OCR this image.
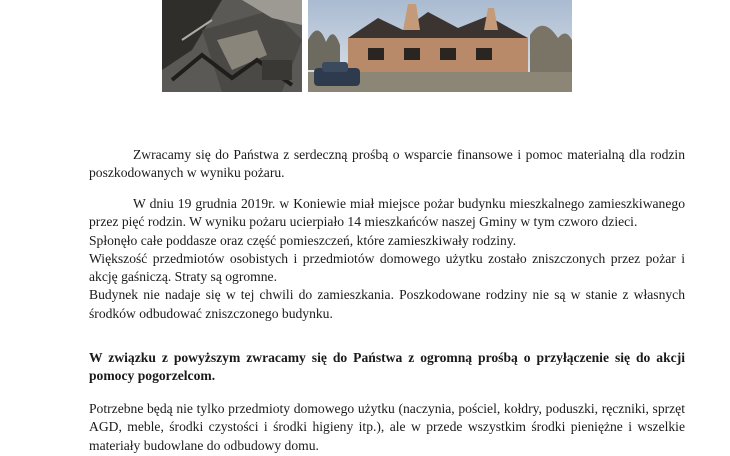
Zwracamy się do Państwa z serdeczną prośbą o wsparcie finansowe i pomoc materialną dla rodzin poszkodowanych w wyniku pożaru.

W dniu 19 grudnia 2019r. w Koniewie miał miejsce pożar budynku mieszkalnego zamieszkiwanego przez pięć rodzin. W wyniku pożaru ucierpiało 14 mieszkańców naszej Gminy w tym czworo dzieci.

Spłonęło całe poddasze oraz część pomieszczeń, które zamieszkiwały rodziny.

Większość przedmiotów osobistych i przedmiotów domowego użytku zostało zniszczonych przez pożar i akcję gaśniczą. Straty są ogromne.

Budynek nie nadaje się w tej chwili do zamieszkania. Poszkodowane rodziny nie są w stanie z własnych środków odbudować zniszczonego budynku.

W związku z powyższym zwracamy się do Państwa z ogromną prośbą o przyłączenie się do akcji pomocy pogorzelcom.

Potrzebne będą nie tylko przedmioty domowego użytku (naczynia, pościel, kołdry, poduszki, ręczniki, sprzęt AGD, meble, środki czystości i środki higieny itp.), ale w przede wszystkim środki pieniężne i wszelkie materiały budowlane do odbudowy domu.
